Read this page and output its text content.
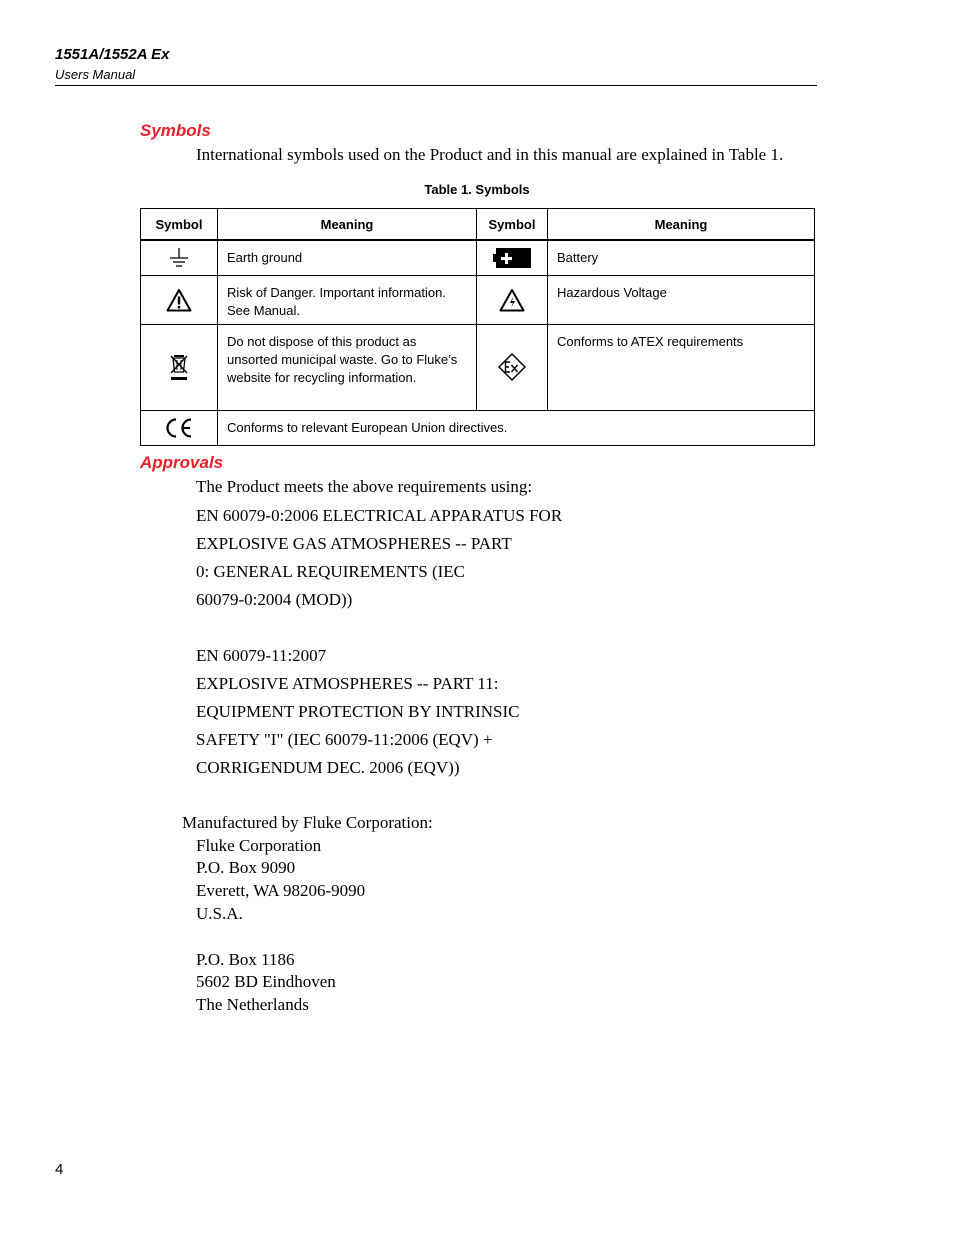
1551A/1552A Ex
Users Manual
Symbols
International symbols used on the Product and in this manual are explained in Table 1.
Table 1. Symbols
Symbol	Meaning	Symbol	Meaning

	Earth ground		Battery

	Risk of Danger. Important information. See Manual.		Hazardous Voltage

	Do not dispose of this product as unsorted municipal waste. Go to Fluke’s website for recycling information.		Conforms to ATEX requirements

	Conforms to relevant European Union directives.		
Approvals
The Product meets the above requirements using:
EN 60079-0:2006 ELECTRICAL APPARATUS FOR
EXPLOSIVE GAS ATMOSPHERES -- PART
0: GENERAL REQUIREMENTS (IEC
60079-0:2004 (MOD))
EN 60079-11:2007
EXPLOSIVE ATMOSPHERES -- PART 11:
EQUIPMENT PROTECTION BY INTRINSIC
SAFETY "I" (IEC 60079-11:2006 (EQV) +
CORRIGENDUM DEC. 2006 (EQV))
Manufactured by Fluke Corporation:
Fluke Corporation
P.O. Box 9090
Everett, WA 98206-9090
U.S.A.
P.O. Box 1186
5602 BD Eindhoven
The Netherlands
4
